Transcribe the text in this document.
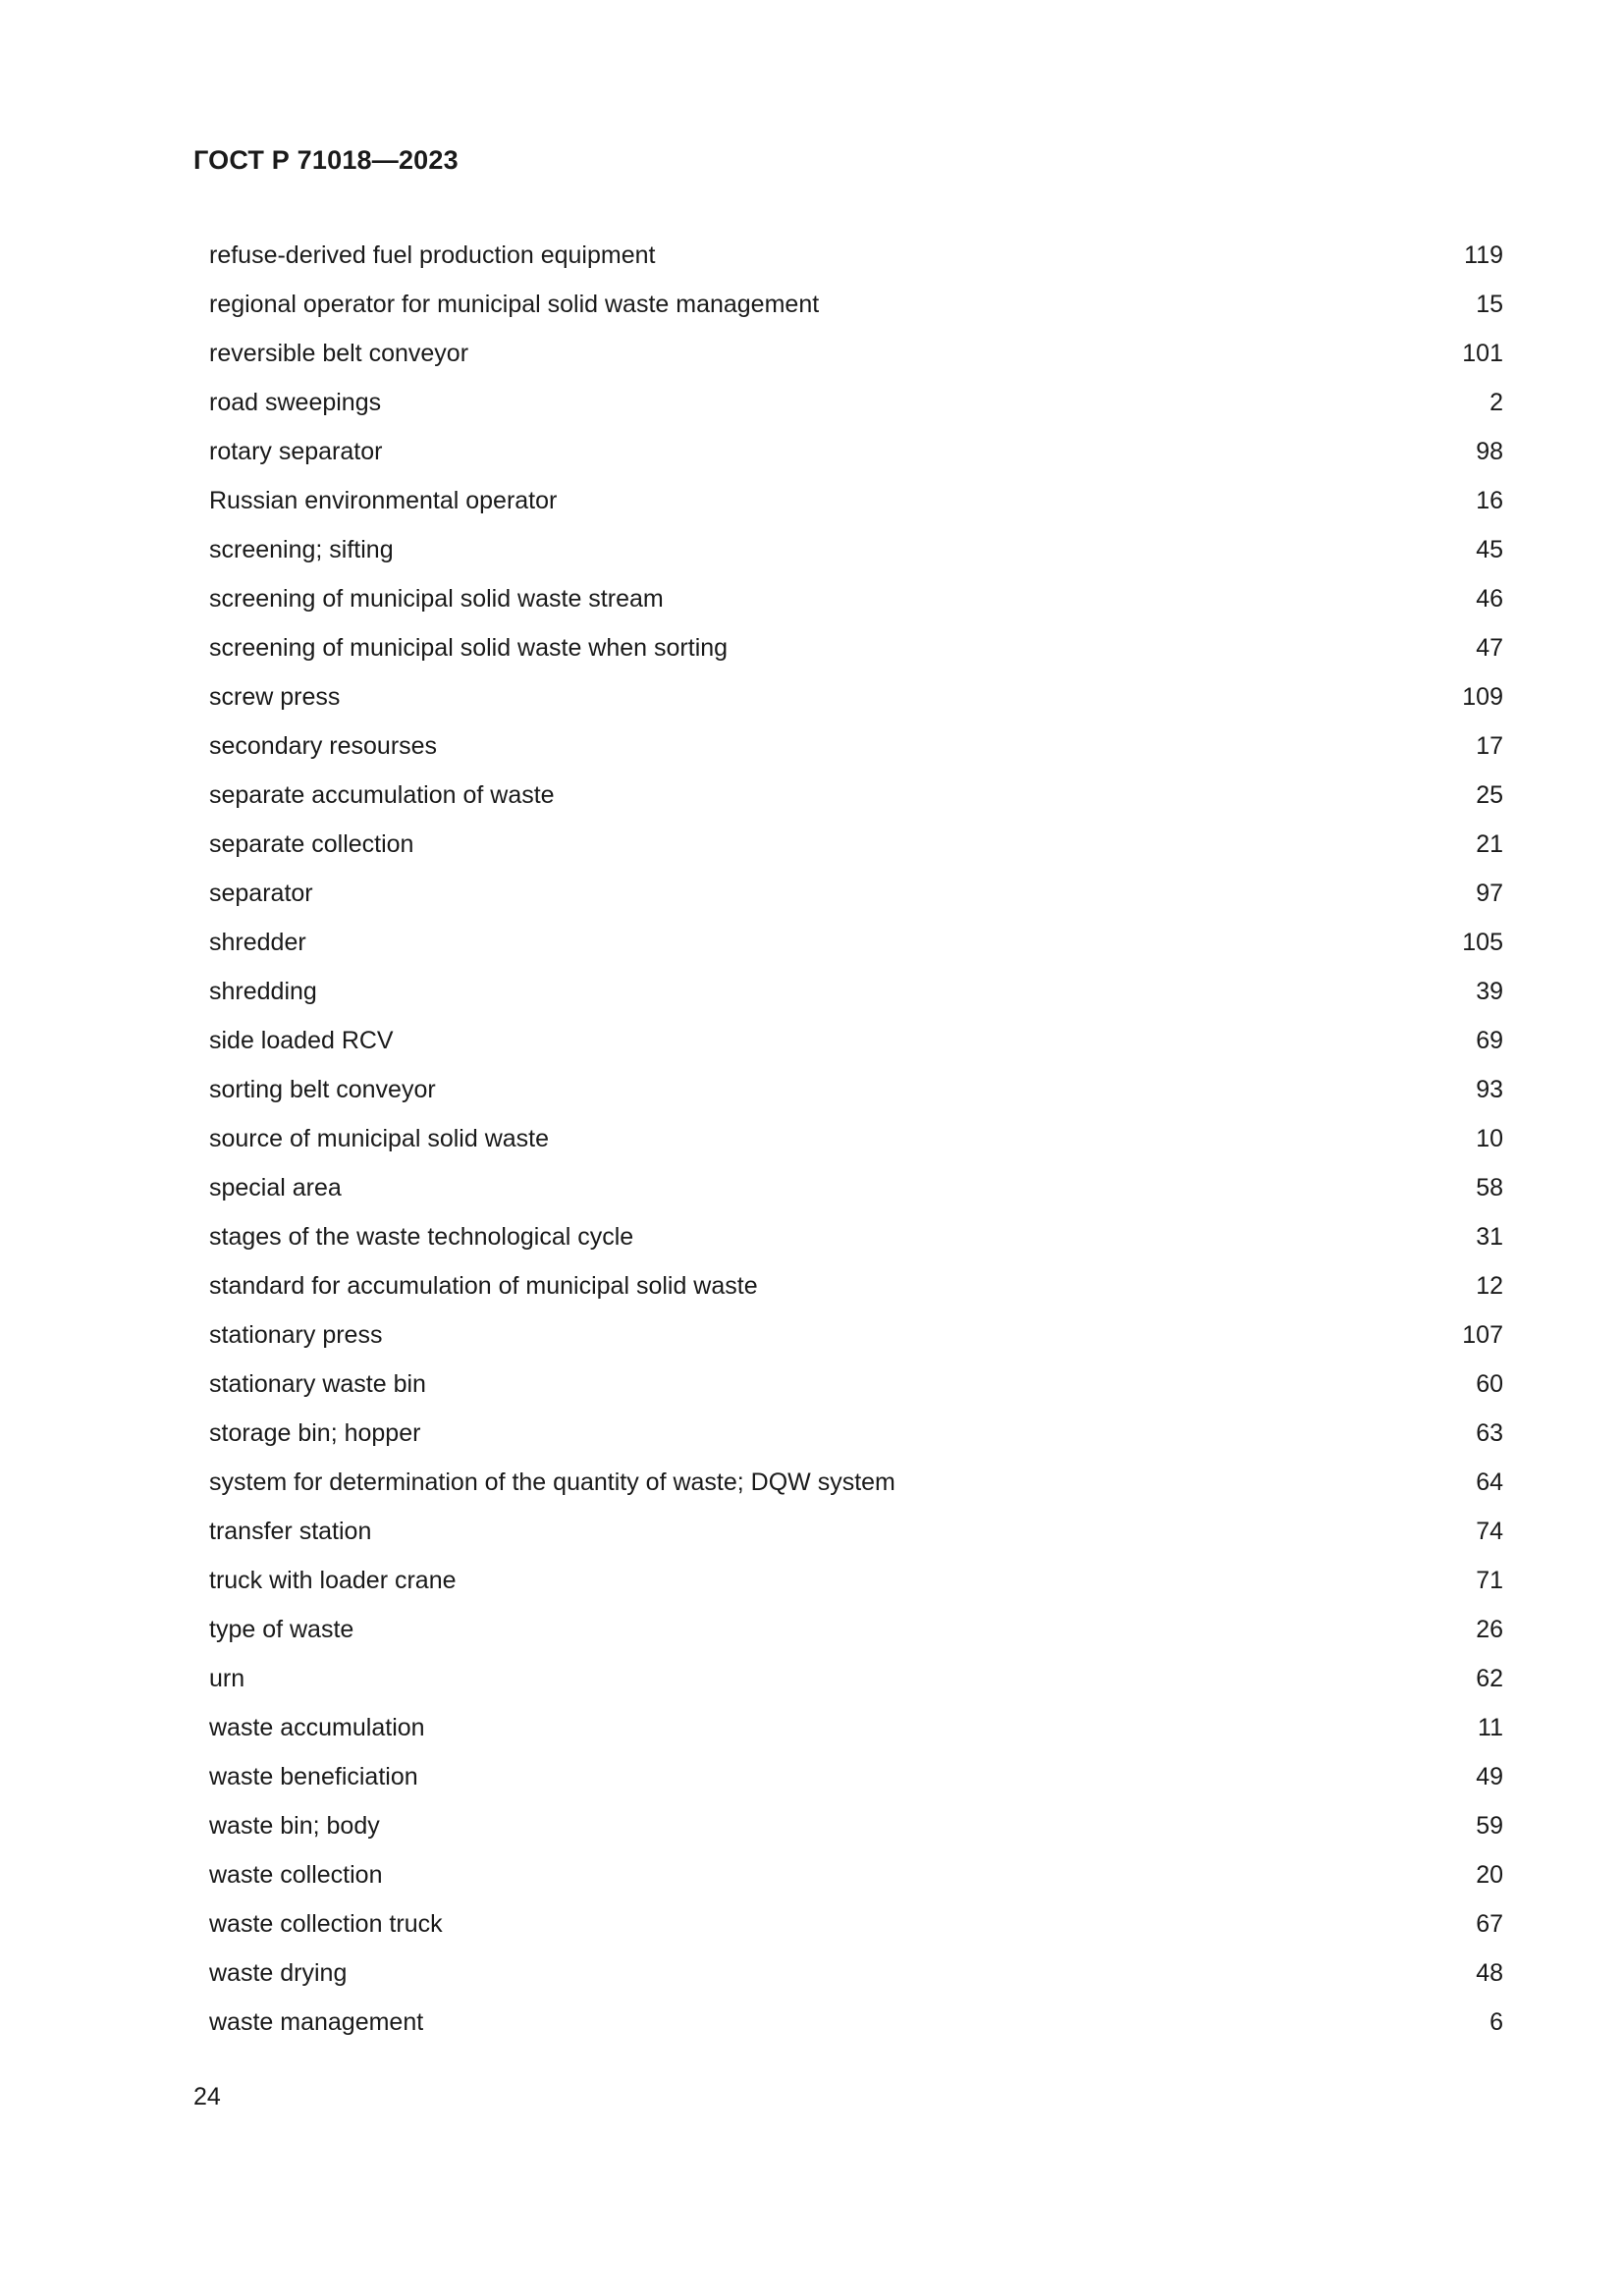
ГОСТ Р 71018—2023
refuse-derived fuel production equipment	119
regional operator for municipal solid waste management	15
reversible belt conveyor	101
road sweepings	2
rotary separator	98
Russian environmental operator	16
screening; sifting	45
screening of municipal solid waste stream	46
screening of municipal solid waste when sorting	47
screw press	109
secondary resourses	17
separate accumulation of waste	25
separate collection	21
separator	97
shredder	105
shredding	39
side loaded RCV	69
sorting belt conveyor	93
source of municipal solid waste	10
special area	58
stages of the waste technological cycle	31
standard for accumulation of municipal solid waste	12
stationary press	107
stationary waste bin	60
storage bin; hopper	63
system for determination of the quantity of waste; DQW system	64
transfer station	74
truck with loader crane	71
type of waste	26
urn	62
waste accumulation	11
waste beneficiation	49
waste bin; body	59
waste collection	20
waste collection truck	67
waste drying	48
waste management	6
24
